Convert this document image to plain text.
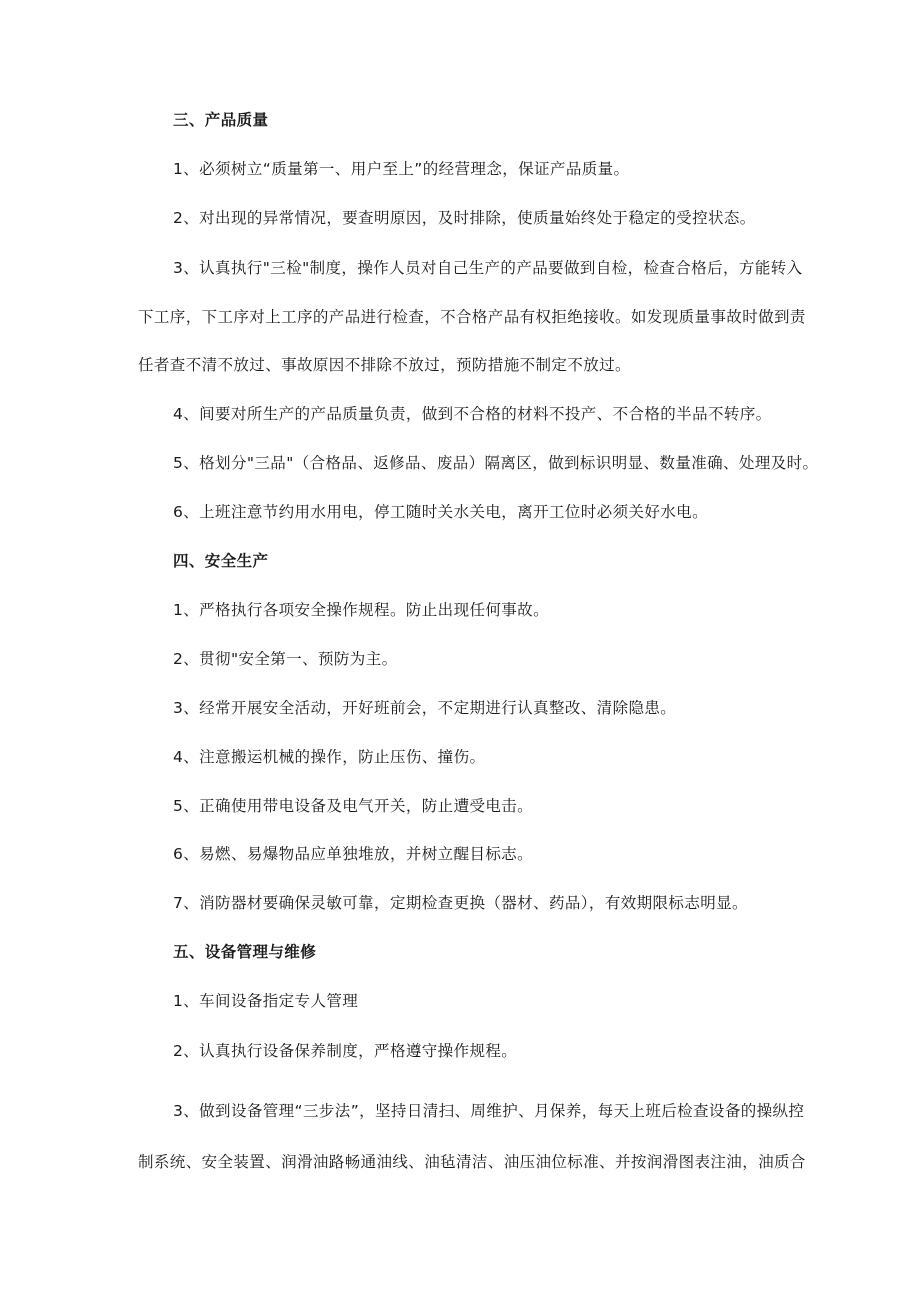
三、产品质量
1、必须树立“质量第一、用户至上”的经营理念，保证产品质量。
2、对出现的异常情况，要查明原因，及时排除，使质量始终处于稳定的受控状态。
3、认真执行"三检"制度，操作人员对自己生产的产品要做到自检，检查合格后，方能转入
下工序，下工序对上工序的产品进行检查，不合格产品有权拒绝接收。如发现质量事故时做到责
任者查不清不放过、事故原因不排除不放过，预防措施不制定不放过。
4、间要对所生产的产品质量负责，做到不合格的材料不投产、不合格的半品不转序。
5、格划分"三品"（合格品、返修品、废品）隔离区，做到标识明显、数量准确、处理及时。
6、上班注意节约用水用电，停工随时关水关电，离开工位时必须关好水电。
四、安全生产
1、严格执行各项安全操作规程。防止出现任何事故。
2、贯彻"安全第一、预防为主。
3、经常开展安全活动，开好班前会，不定期进行认真整改、清除隐患。
4、注意搬运机械的操作，防止压伤、撞伤。
5、正确使用带电设备及电气开关，防止遭受电击。
6、易燃、易爆物品应单独堆放，并树立醒目标志。
7、消防器材要确保灵敏可靠，定期检查更换（器材、药品），有效期限标志明显。
五、设备管理与维修
1、车间设备指定专人管理
2、认真执行设备保养制度，严格遵守操作规程。
3、做到设备管理“三步法”，坚持日清扫、周维护、月保养，每天上班后检查设备的操纵控
制系统、安全装置、润滑油路畅通油线、油毡清洁、油压油位标准、并按润滑图表注油，油质合
